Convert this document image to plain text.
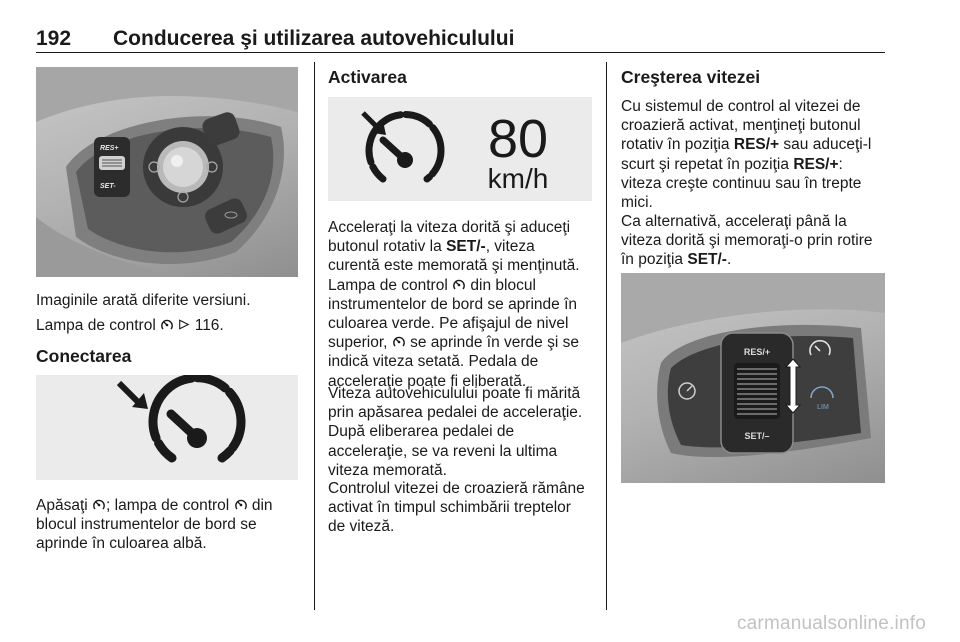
192 Conducerea şi utilizarea autovehiculului
RES+
SET-
Imaginile arată diferite versiuni.
Lampa de control	116.
Conectarea
Apăsaţi ; lampa de control din
blocul instrumentelor de bord se
aprinde în culoarea albă.
Activarea
80
km/h
Acceleraţi la viteza dorită şi aduceţi
butonul rotativ la SET/-, viteza
curentă este memorată şi menţinută.
Lampa de control din blocul
instrumentelor de bord se aprinde în
culoarea verde. Pe afişajul de nivel
superior, se aprinde în verde şi se
indică viteza setată. Pedala de
acceleraţie poate fi eliberată.
Viteza autovehiculului poate fi mărită
prin apăsarea pedalei de acceleraţie.
După eliberarea pedalei de
acceleraţie, se va reveni la ultima
viteza memorată.
Controlul vitezei de croazieră rămâne
activat în timpul schimbării treptelor
de viteză.
Creşterea vitezei
Cu sistemul de control al vitezei de
croazieră activat, menţineţi butonul
rotativ în poziţia RES/+ sau aduceţi-l
scurt şi repetat în poziţia RES/+:
viteza creşte continuu sau în trepte
mici.
Ca alternativă, acceleraţi până la
viteza dorită şi memoraţi-o prin rotire
în poziţia SET/-.
RES/+
SET/–
LIM
carmanualsonline.info
